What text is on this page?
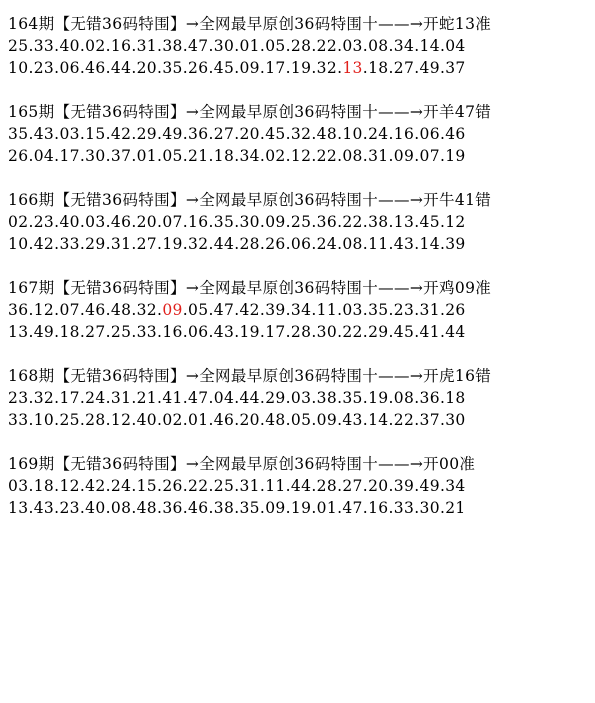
164期【无错36码特围】→全网最早原创36码特围十——→开蛇13准
25.33.40.02.16.31.38.47.30.01.05.28.22.03.08.34.14.04
10.23.06.46.44.20.35.26.45.09.17.19.32.13.18.27.49.37
165期【无错36码特围】→全网最早原创36码特围十——→开羊47错
35.43.03.15.42.29.49.36.27.20.45.32.48.10.24.16.06.46
26.04.17.30.37.01.05.21.18.34.02.12.22.08.31.09.07.19
166期【无错36码特围】→全网最早原创36码特围十——→开牛41错
02.23.40.03.46.20.07.16.35.30.09.25.36.22.38.13.45.12
10.42.33.29.31.27.19.32.44.28.26.06.24.08.11.43.14.39
167期【无错36码特围】→全网最早原创36码特围十——→开鸡09准
36.12.07.46.48.32.09.05.47.42.39.34.11.03.35.23.31.26
13.49.18.27.25.33.16.06.43.19.17.28.30.22.29.45.41.44
168期【无错36码特围】→全网最早原创36码特围十——→开虎16错
23.32.17.24.31.21.41.47.04.44.29.03.38.35.19.08.36.18
33.10.25.28.12.40.02.01.46.20.48.05.09.43.14.22.37.30
169期【无错36码特围】→全网最早原创36码特围十——→开00准
03.18.12.42.24.15.26.22.25.31.11.44.28.27.20.39.49.34
13.43.23.40.08.48.36.46.38.35.09.19.01.47.16.33.30.21
